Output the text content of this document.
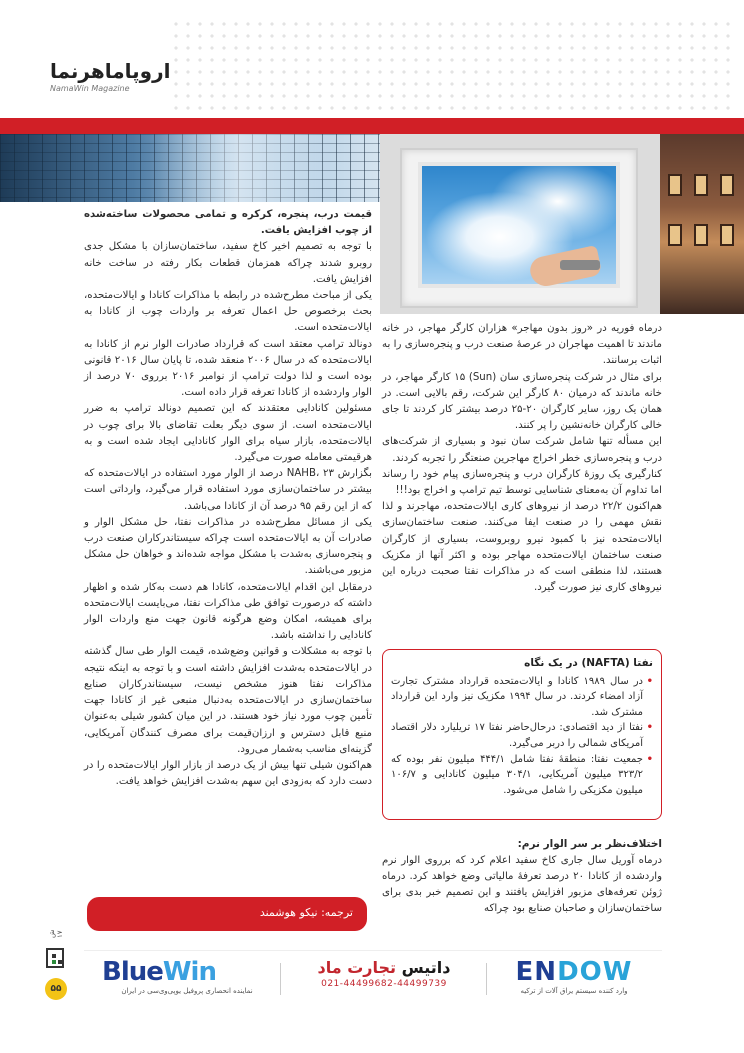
اروپاماهرنما
NamaWin Magazine

قیمت درب، پنجره، کرکره و تمامی محصولات ساخته‌شده از چوب افزایش یافت.

با توجه به تصمیم اخیر کاخ سفید، ساختمان‌سازان با مشکل جدی روبرو شدند چراکه همزمان قطعات بکار رفته در ساخت خانه افزایش یافت.

یکی از مباحث مطرح‌شده در رابطه با مذاکرات کانادا و ایالات‌متحده، بحث برخصوص حل اعمال تعرفه بر واردات چوب از کانادا به ایالات‌متحده است.

دونالد ترامپ معتقد است که قرارداد صادرات الوار نرم از کانادا به ایالات‌متحده که در سال ۲۰۰۶ منعقد شده، تا پایان سال ۲۰۱۶ قانونی بوده است و لذا دولت ترامپ از نوامبر ۲۰۱۶ برروی ۷۰ درصد از الوار وارد‌شده از کانادا تعرفه قرار داده است.

مسئولین کانادایی معتقدند که این تصمیم دونالد ترامپ به ضرر ایالات‌متحده است. از سوی دیگر بعلت تقاضای بالا برای چوب در ایالات‌متحده، بازار سیاه برای الوار کانادایی ایجاد شده است و به هرقیمتی معامله صورت می‌گیرد.

بگزارش NAHB، ۲۳ درصد از الوار مورد استفاده در ایالات‌متحده که بیشتر در ساختمان‌سازی مورد استفاده قرار می‌گیرد، وارداتی است که از این رقم ۹۵ درصد آن از کانادا می‌باشد.

یکی از مسائل مطرح‌شده در مذاکرات نفتا، حل مشکل الوار و صادرات آن به ایالات‌متحده است چراکه سیستاندرکاران صنعت درب و پنجره‌سازی به‌شدت با مشکل مواجه شده‌اند و خواهان حل مشکل مزبور می‌باشند.

درمقابل این اقدام ایالات‌متحده، کانادا هم دست به‌کار شده و اظهار داشته که درصورت توافق طی مذاکرات نفتا، می‌بایست ایالات‌متحده برای همیشه، امکان وضع هرگونه قانون جهت منع واردات الوار کانادایی را نداشته باشد.

با توجه به مشکلات و قوانین وضع‌شده، قیمت الوار طی سال گذشته در ایالات‌متحده به‌شدت افزایش داشته است و با توجه به اینکه نتیجه مذاکرات نفتا هنوز مشخص نیست، سیستاندرکاران صنایع ساختمان‌سازی در ایالات‌متحده به‌دنبال منبعی غیر از کانادا جهت تأمین چوب مورد نیاز خود هستند. در این میان کشور شیلی به‌عنوان منبع قابل دسترس و ارزان‌قیمت برای مصرف کنندگان آمریکایی، گزینه‌ای مناسب به‌شمار می‌رود.

هم‌اکنون شیلی تنها بیش از یک درصد از بازار الوار ایالات‌متحده را در دست دارد که به‌زودی این سهم به‌شدت افزایش خواهد یافت.

درماه فوریه در «روز بدون مهاجر» هزاران کارگر مهاجر، در خانه ماندند تا اهمیت مهاجران در عرصهٔ صنعت درب و پنجره‌سازی را به اثبات برسانند.

برای مثال در شرکت پنجره‌سازی سان (Sun) ۱۵ کارگر مهاجر، در خانه ماندند که درمیان ۸۰ کارگر این شرکت، رقم بالایی است. در همان یک روز، سایر کارگران ۲۰-۲۵ درصد بیشتر کار کردند تا جای خالی کارگران خانه‌نشین را پر کنند.

این مسأله تنها شامل شرکت سان نبود و بسیاری از شرکت‌های درب و پنجره‌سازی خطر اخراج مهاجرین صنعتگر را تجربه کردند.

کنارگیری یک روزهٔ کارگران درب و پنجره‌سازی پیام خود را رساند اما تداوم آن به‌معنای شناسایی توسط تیم ترامپ و اخراج بود!!!

هم‌اکنون ۲۲/۲ درصد از نیروهای کاری ایالات‌متحده، مهاجرند و لذا نقش مهمی را در صنعت ایفا می‌کنند. صنعت ساختمان‌سازی ایالات‌متحده نیز با کمبود نیرو روبروست، بسیاری از کارگران صنعت ساختمان ایالات‌متحده مهاجر بوده و اکثر آنها از مکزیک هستند، لذا منطقی است که در مذاکرات نفتا صحبت درباره این نیروهای کاری نیز صورت گیرد.

نفتا (NAFTA) در یک نگاه
• در سال ۱۹۸۹ کانادا و ایالات‌متحده قرارداد مشترک تجارت آزاد امضاء کردند. در سال ۱۹۹۴ مکزیک نیز وارد این قرارداد مشترک شد.
• نفتا از دید اقتصادی: درحال‌حاضر نفتا ۱۷ تریلیارد دلار اقتصاد آمریکای شمالی را دربر می‌گیرد.
• جمعیت نفتا: منطقهٔ نفتا شامل ۴۴۴/۱ میلیون نفر بوده که ۳۲۳/۲ میلیون آمریکایی، ۳۰۴/۱ میلیون کانادایی و ۱۰۶/۷ میلیون مکزیکی را شامل می‌شود.
اختلاف‌نظر بر سر الوار نرم:

درماه آوریل سال جاری کاخ سفید اعلام کرد که برروی الوار نرم وارد‌شده از کانادا ۲۰ درصد تعرفهٔ مالیاتی وضع خواهد کرد. درماه ژوئن تعرفه‌های مزبور افزایش یافتند و این تصمیم خبر بدی برای ساختمان‌سازان و صاحبان صنایع بود چراکه

ترجمه: نیکو هوشمند
ش ۱۷
۵۵
BlueWin
نماینده انحصاری پروفیل یوپی‌وی‌سی در ایران
داتیس تجارت ماد
021-44499682-44499739	ENDOW
وارد کننده سیستم یراق آلات از ترکیه
